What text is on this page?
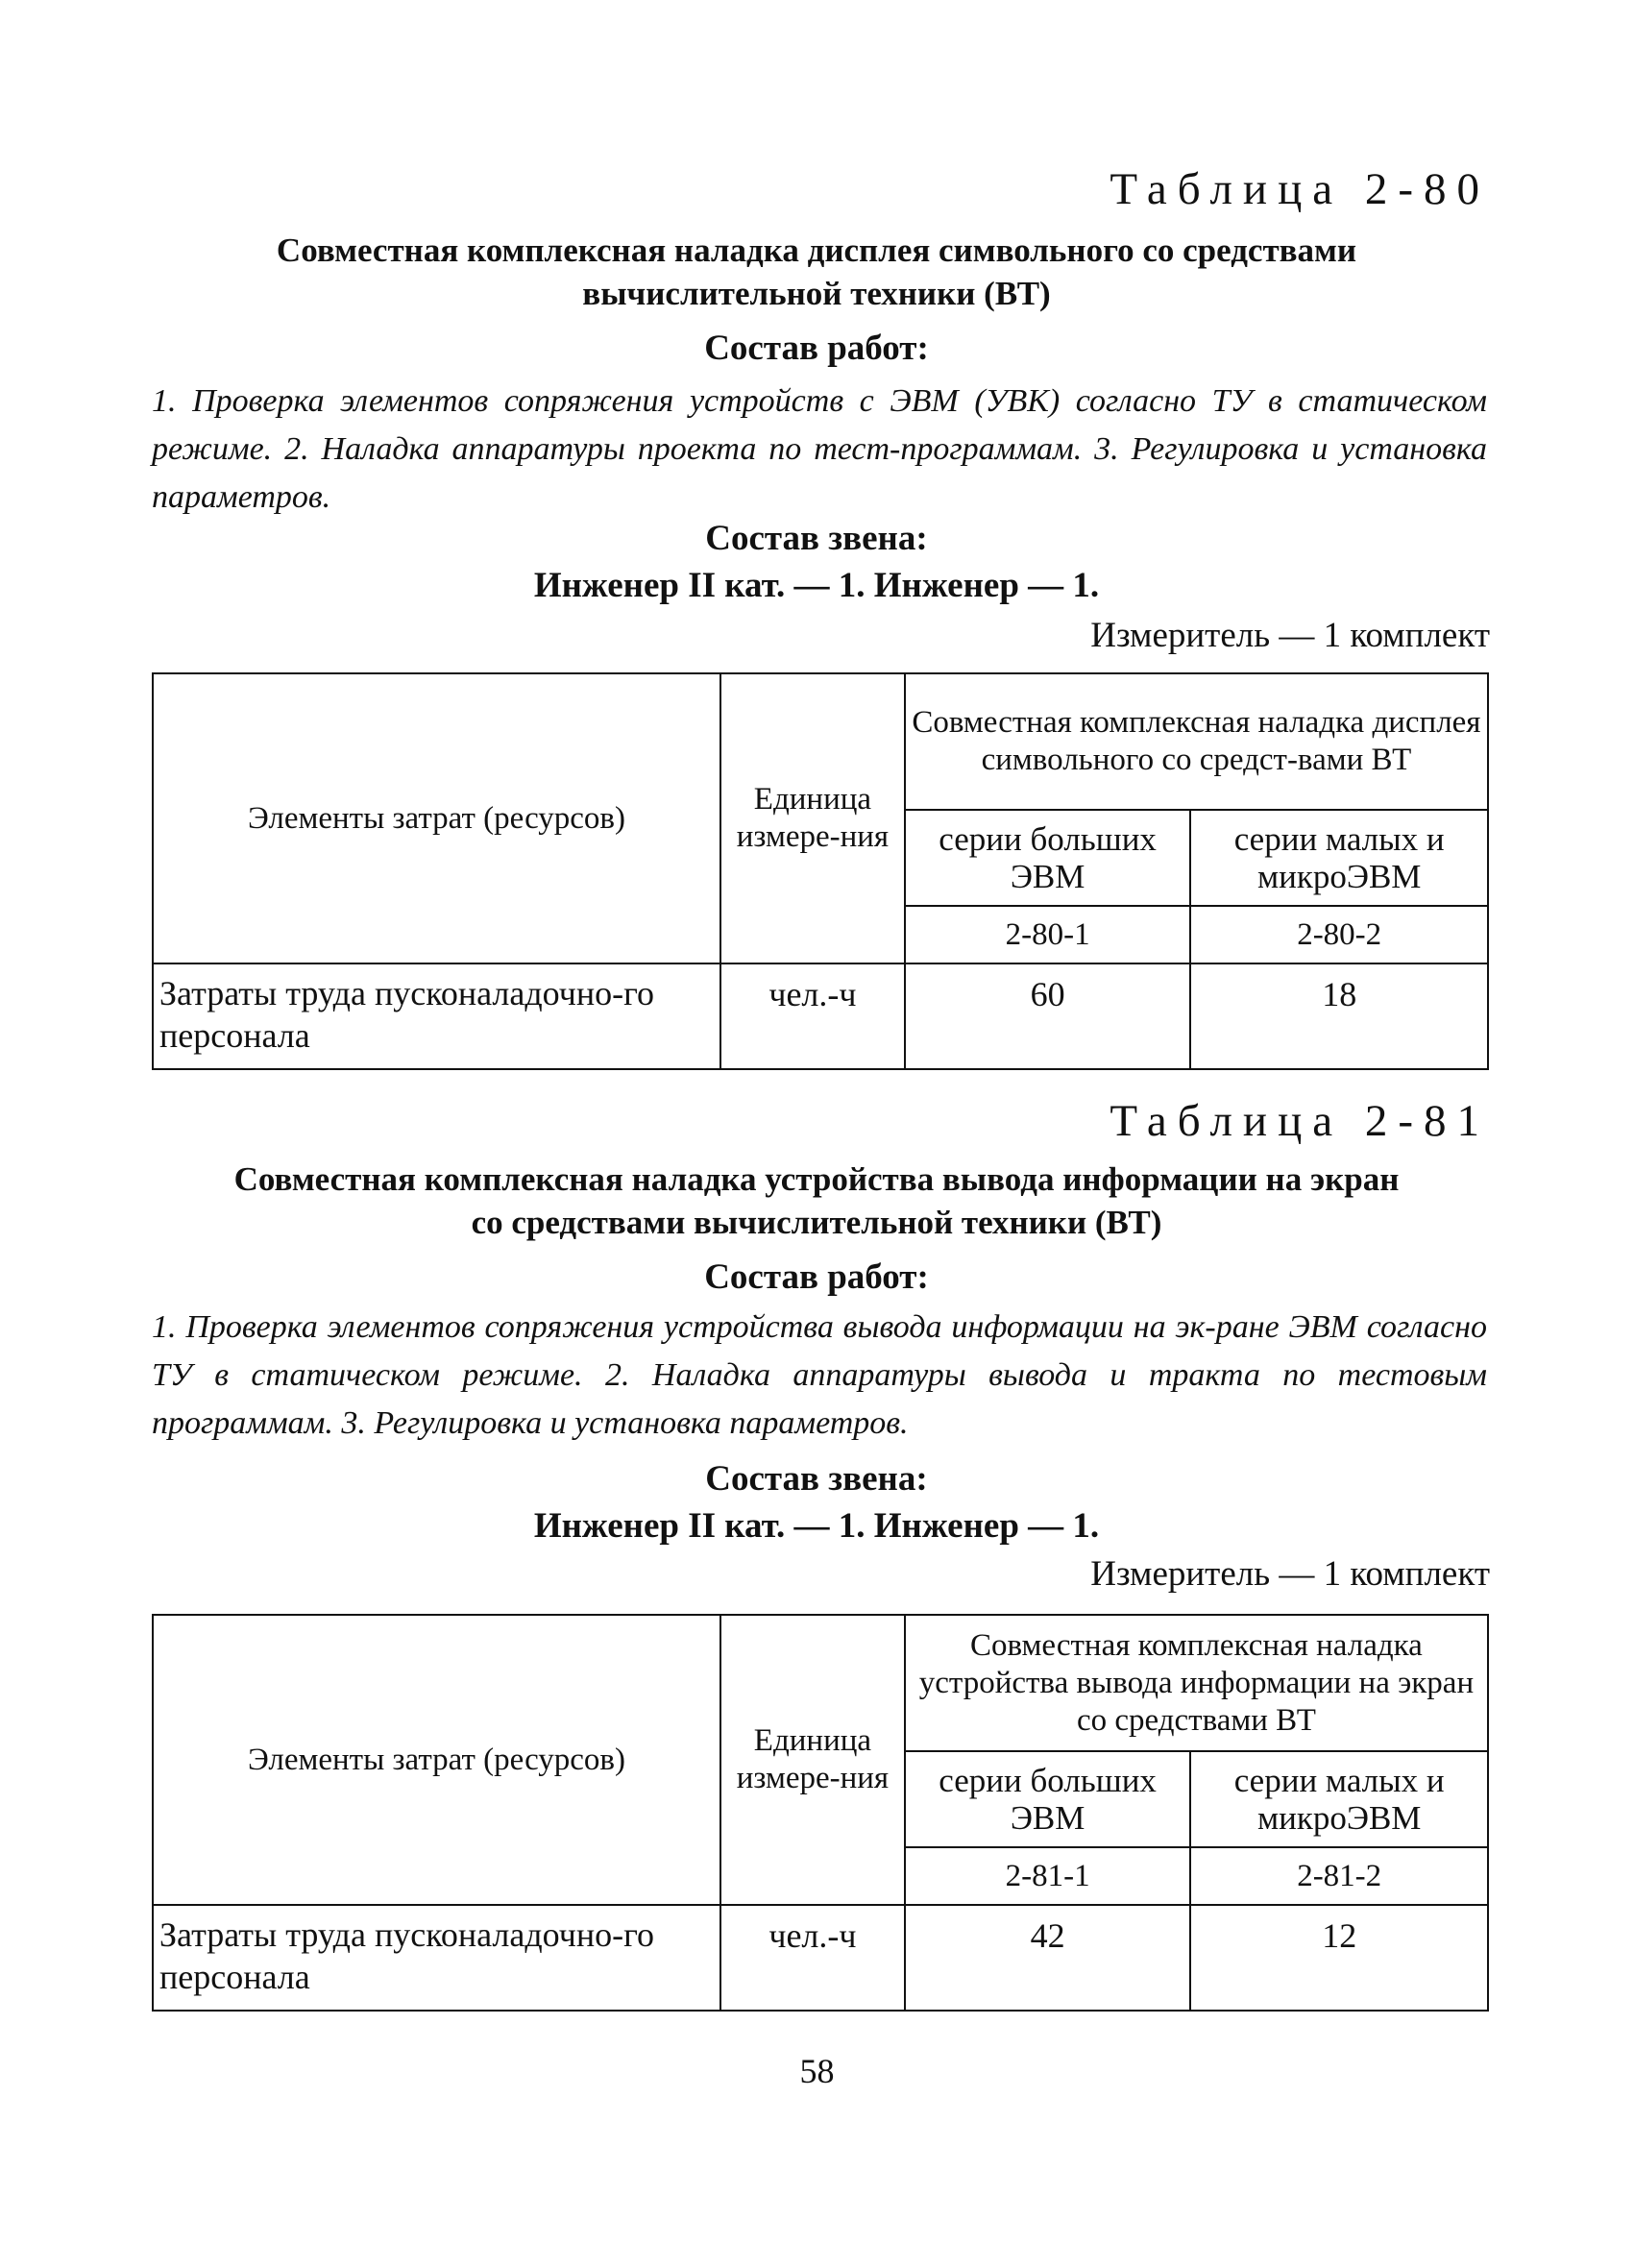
Таблица 2-80
Совместная комплексная наладка дисплея символьного со средствами
вычислительной техники (ВТ)
Состав работ:
1. Проверка элементов сопряжения устройств с ЭВМ (УВК) согласно ТУ в статическом режиме. 2. Наладка аппаратуры проекта по тест-программам. 3. Регулировка и установка параметров.
Состав звена:
Инженер II кат. — 1. Инженер — 1.
Измеритель — 1 комплект
Элементы затрат (ресурсов)	Единица измере-ния	Совместная комплексная наладка дисплея символьного со средст-вами ВТ	
		серии больших ЭВМ	серии малых и микроЭВМ
		2-80-1	2-80-2
Затраты труда пусконаладочно-го персонала	чел.-ч	60	18
Таблица 2-81
Совместная комплексная наладка устройства вывода информации на экран
со средствами вычислительной техники (ВТ)
Состав работ:
1. Проверка элементов сопряжения устройства вывода информации на эк-ране ЭВМ согласно ТУ в статическом режиме. 2. Наладка аппаратуры вывода и тракта по тестовым программам. 3. Регулировка и установка параметров.
Состав звена:
Инженер II кат. — 1. Инженер — 1.
Измеритель — 1 комплект
Элементы затрат (ресурсов)	Единица измере-ния	Совместная комплексная наладка устройства вывода информации на экран со средствами ВТ	
		серии больших ЭВМ	серии малых и микроЭВМ
		2-81-1	2-81-2
Затраты труда пусконаладочно-го персонала	чел.-ч	42	12
58
